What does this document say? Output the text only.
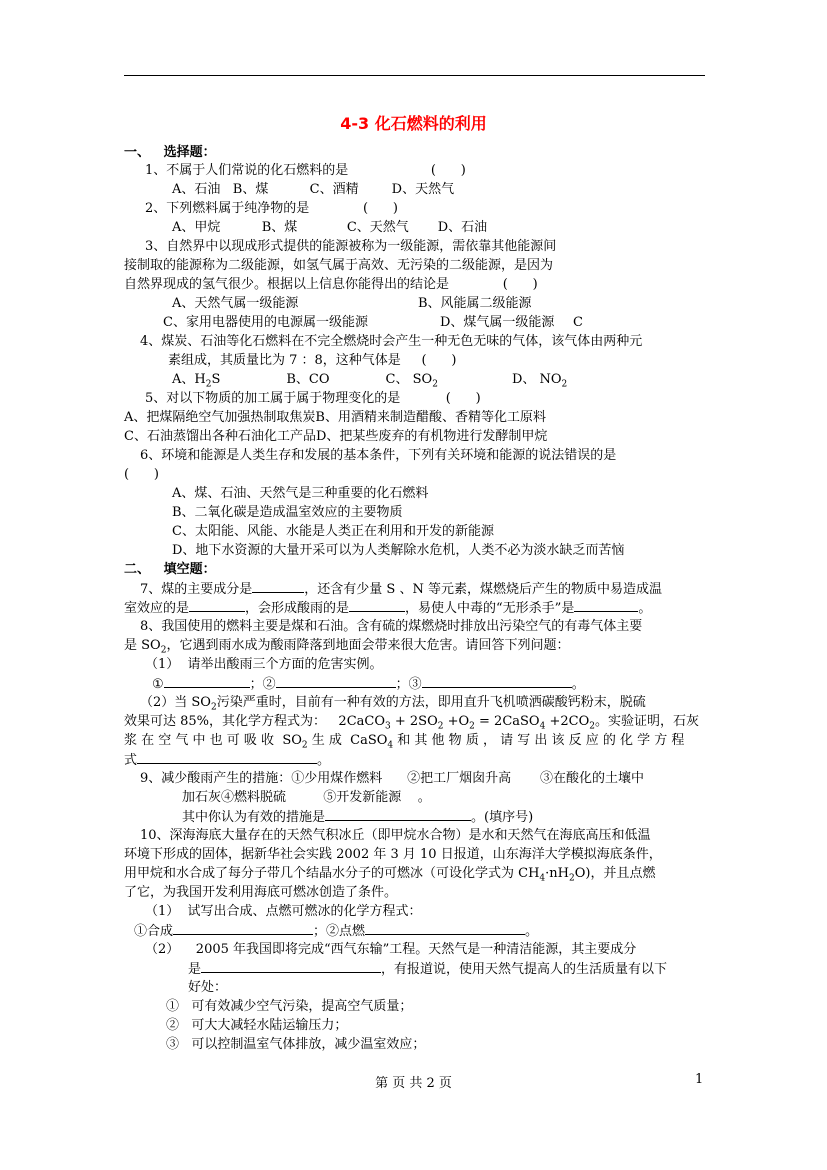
4-3 化石燃料的利用
一、   选择题：
1、不属于人们常说的化石燃料的是                    (      )
A、石油   B、煤          C、酒精        D、天然气
2、下列燃料属于纯净物的是             (      )
A、甲烷          B、煤            C、天然气       D、石油
3、自然界中以现成形式提供的能源被称为一级能源，需依靠其他能源间
接制取的能源称为二级能源，如氢气属于高效、无污染的二级能源，是因为
自然界现成的氢气很少。根据以上信息你能得出的结论是             (      )
A、天然气属一级能源	B、风能属二级能源
C、家用电器使用的电源属一级能源	D、煤气属一级能源 C
4、煤炭、石油等化石燃料在不完全燃烧时会产生一种无色无味的气体，该气体由两种元
素组成，其质量比为 7 ：8，这种气体是     (      )
A、$H_2S$	B、CO	C、 $SO_2$	D、 $NO_2$
5、对以下物质的加工属于属于物理变化的是           (      )
A、把煤隔绝空气加强热制取焦炭B、用酒精来制造醋酸、香精等化工原料
C、石油蒸馏出各种石油化工产品D、把某些废弃的有机物进行发酵制甲烷
6、环境和能源是人类生存和发展的基本条件，下列有关环境和能源的说法错误的是
(      )
A、煤、石油、天然气是三种重要的化石燃料
B、二氧化碳是造成温室效应的主要物质
C、太阳能、风能、水能是人类正在利用和开发的新能源
D、地下水资源的大量开采可以为人类解除水危机，人类不必为淡水缺乏而苦恼
二、   填空题：
7、煤的主要成分是	，还含有少量 S 、N 等元素，煤燃烧后产生的物质中易造成温
室效应的是	，会形成酸雨的是	，易使人中毒的“无形杀手”是	。
8、我国使用的燃料主要是煤和石油。含有硫的煤燃烧时排放出污染空气的有毒气体主要
是 $SO_2$，它遇到雨水成为酸雨降落到地面会带来很大危害。请回答下列问题：
（1）  请举出酸雨三个方面的危害实例。
①	；②	；③	。
（2）当 $SO_2$污染严重时，目前有一种有效的方法，即用直升飞机喷洒碳酸钙粉末，脱硫
效果可达 85%，其化学方程式为：   2CaCO$_3$ + $2SO_2 +O_2$ = 2CaSO$_4$ $+2CO_2$。实验证明，石灰
浆 在 空 气 中 也 可 吸 收  $SO_2$ 生 成  CaSO$_4$ 和 其 他 物 质 ， 请 写 出 该 反 应 的 化 学 方 程
式	。
9、减少酸雨产生的措施：①少用煤作燃料      ②把工厂烟囱升高       ③在酸化的土壤中
加石灰④燃料脱硫         ⑤开发新能源    。
其中你认为有效的措施是	。(填序号)
10、深海海底大量存在的天然气积冰丘（即甲烷水合物）是水和天然气在海底高压和低温
环境下形成的固体，据新华社会实践 2002 年 3 月 10 日报道，山东海洋大学模拟海底条件，
用甲烷和水合成了每分子带几个结晶水分子的可燃冰（可设化学式为 $CH_4\cdot nH_2O$)，并且点燃
了它，为我国开发利用海底可燃冰创造了条件。
（1）  试写出合成、点燃可燃冰的化学方程式：
①合成	；②点燃	。
（2）    2005 年我国即将完成“西气东输”工程。天然气是一种清洁能源，其主要成分
是	，有报道说，使用天然气提高人的生活质量有以下
好处：
①   可有效减少空气污染，提高空气质量；
②   可大大减轻水陆运输压力；
③   可以控制温室气体排放，减少温室效应；
第 页 共 2 页	1
